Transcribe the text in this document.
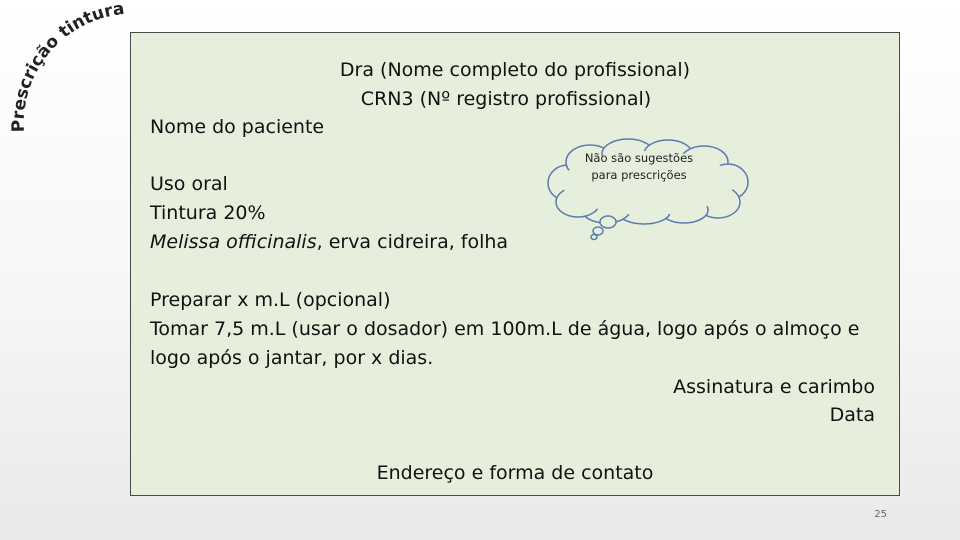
Prescrição tintura
Dra (Nome completo do profissional)
CRN3 (Nº registro profissional)
Nome do paciente
Uso oral
Tintura 20%
Melissa officinalis, erva cidreira, folha
Não são sugestões
para prescrições
Preparar x m.L (opcional)
Tomar 7,5 m.L (usar o dosador) em 100m.L de água, logo após o almoço e
logo após o jantar, por x dias.
Assinatura e carimbo
Data
Endereço e forma de contato
25
